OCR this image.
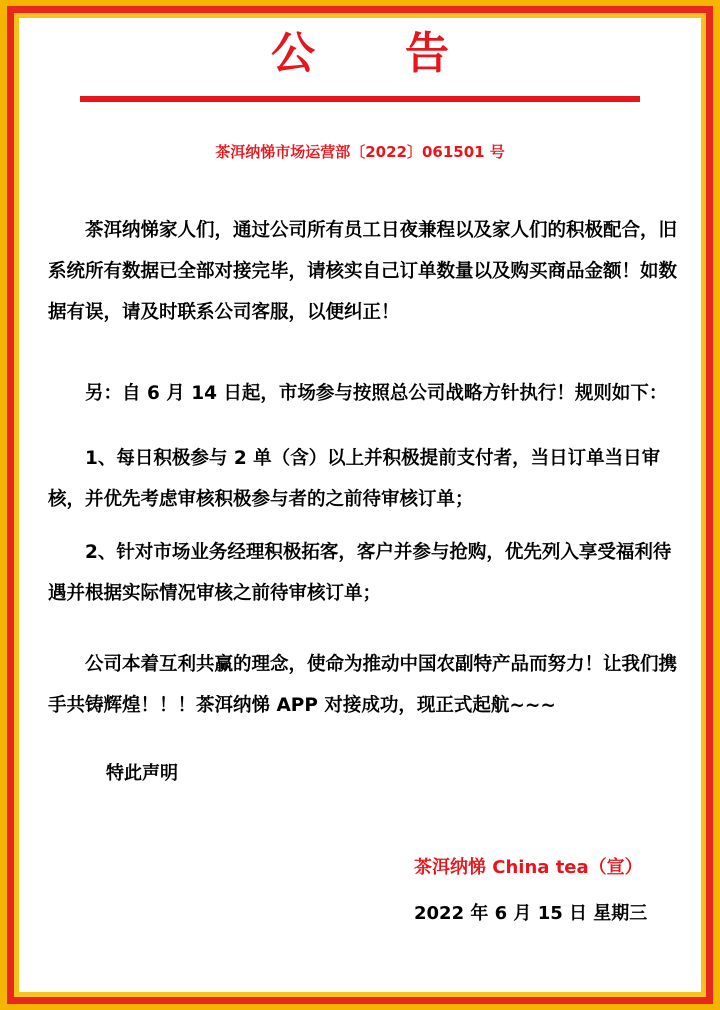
公告
茶洱纳悌市场运营部〔2022〕061501 号

茶洱纳悌家人们，通过公司所有员工日夜兼程以及家人们的积极配合，旧系统所有数据已全部对接完毕，请核实自己订单数量以及购买商品金额！如数据有误，请及时联系公司客服，以便纠正！

另：自 6 月 14 日起，市场参与按照总公司战略方针执行！规则如下：

1、每日积极参与 2 单（含）以上并积极提前支付者，当日订单当日审核，并优先考虑审核积极参与者的之前待审核订单；

2、针对市场业务经理积极拓客，客户并参与抢购，优先列入享受福利待遇并根据实际情况审核之前待审核订单；

公司本着互利共赢的理念，使命为推动中国农副特产品而努力！让我们携手共铸辉煌！！！茶洱纳悌 APP 对接成功，现正式起航~~~

特此声明
茶洱纳悌 China tea（宣）
2022 年 6 月 15 日 星期三
